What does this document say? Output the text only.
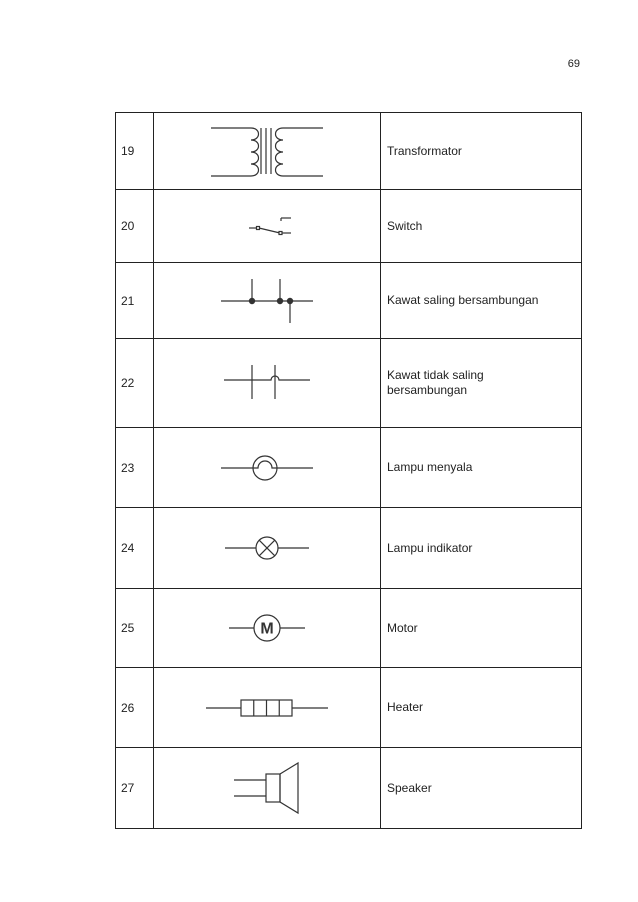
69
19		Transformator

20		Switch

21		Kawat saling bersambungan

22		Kawat tidak saling
bersambungan

23		Lampu menyala

24		Lampu indikator

25	M	Motor

26		Heater

27		Speaker
